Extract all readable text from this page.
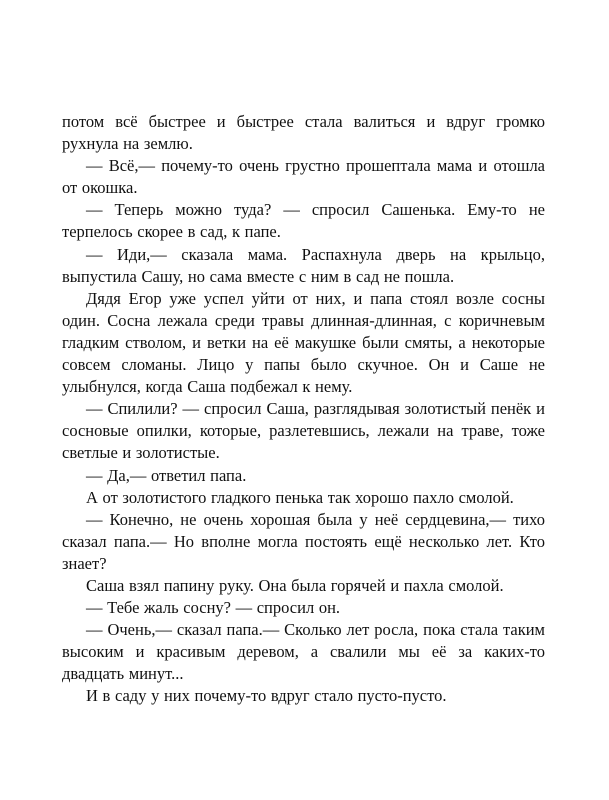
потом всё быстрее и быстрее стала валиться и вдруг громко рухнула на землю.

— Всё,— почему-то очень грустно прошептала мама и отошла от окошка.

— Теперь можно туда? — спросил Сашенька. Ему-то не терпелось скорее в сад, к папе.

— Иди,— сказала мама. Распахнула дверь на крыльцо, выпустила Сашу, но сама вместе с ним в сад не пошла.

Дядя Егор уже успел уйти от них, и папа стоял возле сосны один. Сосна лежала среди травы длинная-длинная, с коричневым гладким стволом, и ветки на её макушке были смяты, а некоторые совсем сломаны. Лицо у папы было скучное. Он и Саше не улыбнулся, когда Саша подбежал к нему.

— Спилили? — спросил Саша, разглядывая золотистый пенёк и сосновые опилки, которые, разлетевшись, лежали на траве, тоже светлые и золотистые.

— Да,— ответил папа.

А от золотистого гладкого пенька так хорошо пахло смолой.

— Конечно, не очень хорошая была у неё сердцевина,— тихо сказал папа.— Но вполне могла постоять ещё несколько лет. Кто знает?

Саша взял папину руку. Она была горячей и пахла смолой.

— Тебе жаль сосну? — спросил он.

— Очень,— сказал папа.— Сколько лет росла, пока стала таким высоким и красивым деревом, а свалили мы её за каких-то двадцать минут...

И в саду у них почему-то вдруг стало пусто-пусто.
